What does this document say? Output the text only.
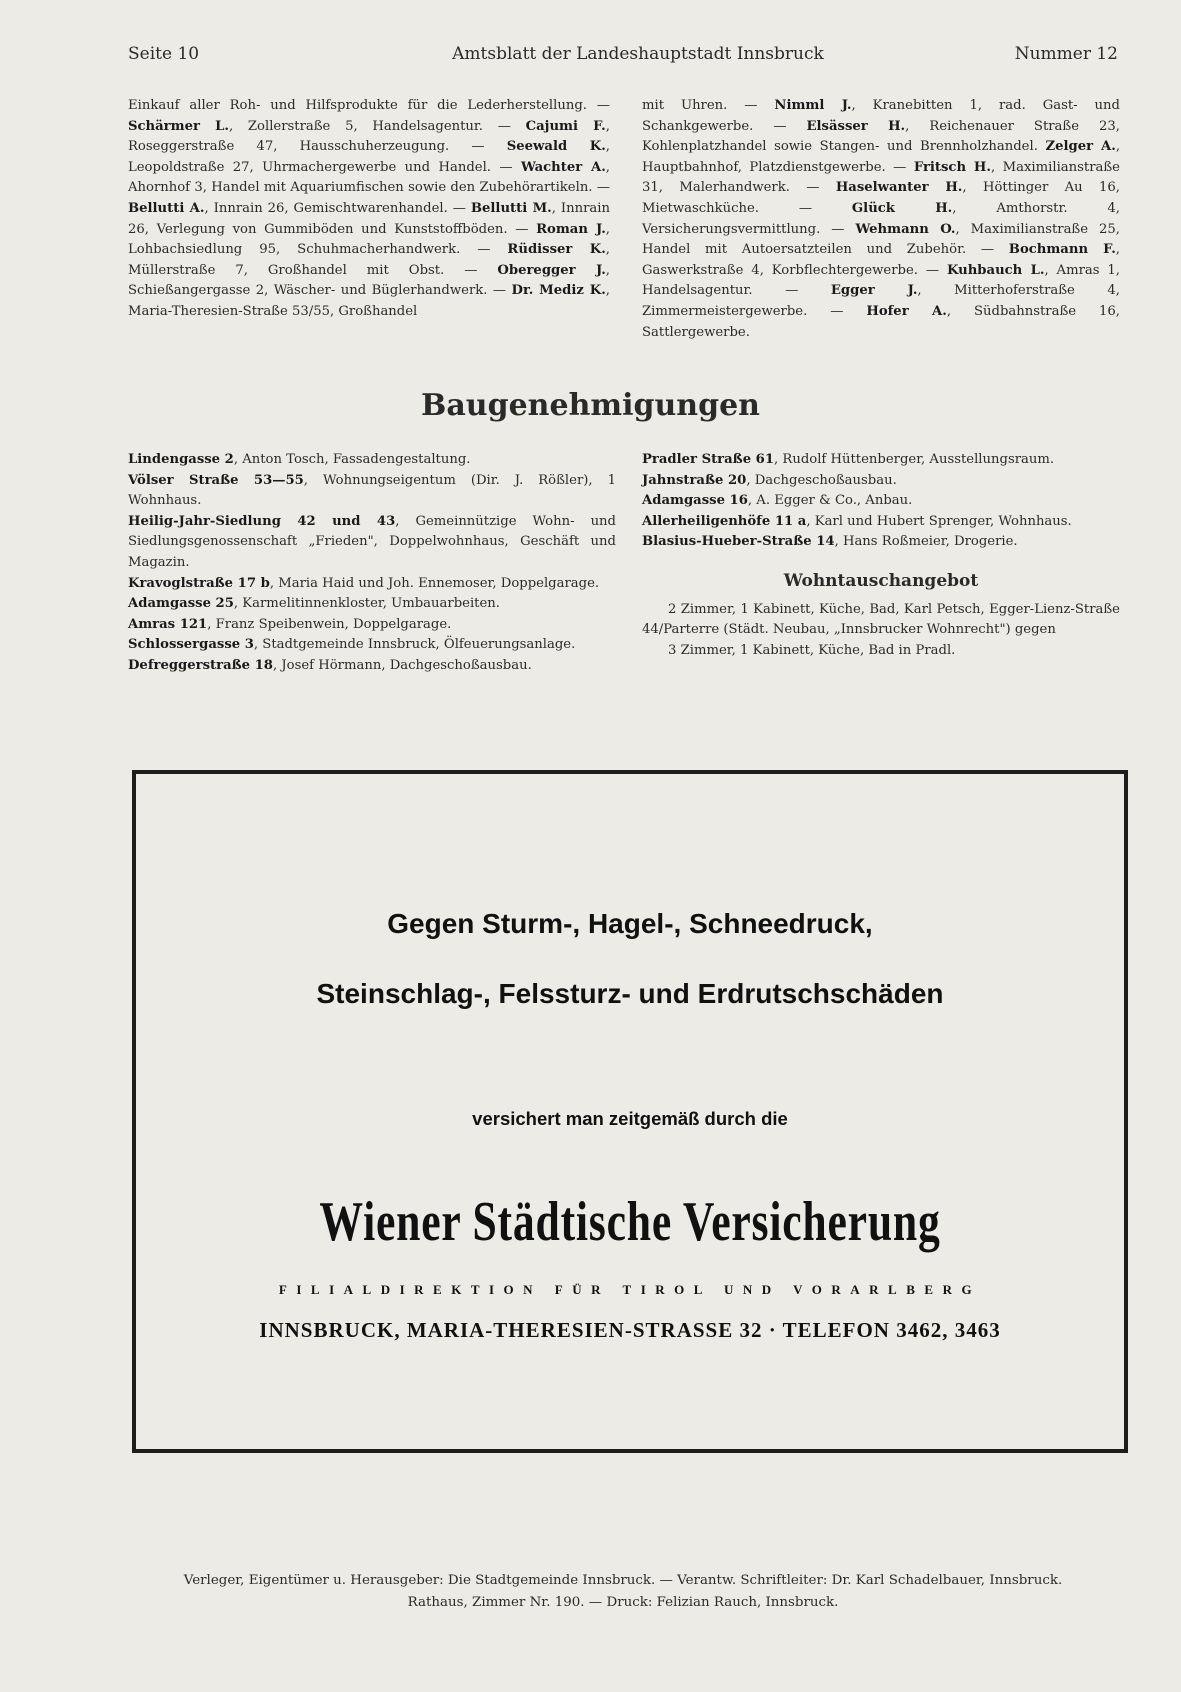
Seite 10	Amtsblatt der Landeshauptstadt Innsbruck	Nummer 12

Einkauf aller Roh- und Hilfsprodukte für die Lederherstellung. — Schärmer L., Zollerstraße 5, Handelsagentur. — Cajumi F., Roseggerstraße 47, Hausschuherzeugung. — Seewald K., Leopoldstraße 27, Uhrmachergewerbe und Handel. — Wachter A., Ahornhof 3, Handel mit Aquariumfischen sowie den Zubehörartikeln. — Bellutti A., Innrain 26, Gemischtwarenhandel. — Bellutti M., Innrain 26, Verlegung von Gummiböden und Kunststoffböden. — Roman J., Lohbachsiedlung 95, Schuhmacherhandwerk. — Rüdisser K., Müllerstraße 7, Großhandel mit Obst. — Oberegger J., Schießangergasse 2, Wäscher- und Büglerhandwerk. — Dr. Mediz K., Maria-Theresien-Straße 53/55, Großhandel

mit Uhren. — Nimml J., Kranebitten 1, rad. Gast- und Schankgewerbe. — Elsässer H., Reichenauer Straße 23, Kohlenplatzhandel sowie Stangen- und Brennholzhandel. Zelger A., Hauptbahnhof, Platzdienstgewerbe. — Fritsch H., Maximilianstraße 31, Malerhandwerk. — Haselwanter H., Höttinger Au 16, Mietwaschküche. — Glück H., Amthorstr. 4, Versicherungsvermittlung. — Wehmann O., Maximilianstraße 25, Handel mit Autoersatzteilen und Zubehör. — Bochmann F., Gaswerkstraße 4, Korbflechtergewerbe. — Kuhbauch L., Amras 1, Handelsagentur. — Egger J., Mitterhoferstraße 4, Zimmermeistergewerbe. — Hofer A., Südbahnstraße 16, Sattlergewerbe.

Baugenehmigungen

Lindengasse 2, Anton Tosch, Fassadengestaltung.

Völser Straße 53—55, Wohnungseigentum (Dir. J. Rößler), 1 Wohnhaus.

Heilig-Jahr-Siedlung 42 und 43, Gemeinnützige Wohn- und Siedlungsgenossenschaft „Frieden", Doppelwohnhaus, Geschäft und Magazin.

Kravoglstraße 17 b, Maria Haid und Joh. Ennemoser, Doppelgarage.

Adamgasse 25, Karmelitinnenkloster, Umbauarbeiten.

Amras 121, Franz Speibenwein, Doppelgarage.

Schlossergasse 3, Stadtgemeinde Innsbruck, Ölfeuerungsanlage.

Defreggerstraße 18, Josef Hörmann, Dachgeschoßausbau.

Pradler Straße 61, Rudolf Hüttenberger, Ausstellungsraum.

Jahnstraße 20, Dachgeschoßausbau.

Adamgasse 16, A. Egger & Co., Anbau.

Allerheiligenhöfe 11 a, Karl und Hubert Sprenger, Wohnhaus.

Blasius-Hueber-Straße 14, Hans Roßmeier, Drogerie.

Wohntauschangebot

2 Zimmer, 1 Kabinett, Küche, Bad, Karl Petsch, Egger-Lienz-Straße 44/Parterre (Städt. Neubau, „Innsbrucker Wohnrecht") gegen

3 Zimmer, 1 Kabinett, Küche, Bad in Pradl.

Gegen Sturm-, Hagel-, Schneedruck,
Steinschlag-, Felssturz- und Erdrutschschäden
versichert man zeitgemäß durch die
Wiener Städtische Versicherung
FILIALDIREKTION FÜR TIROL UND VORARLBERG
INNSBRUCK, MARIA-THERESIEN-STRASSE 32 · TELEFON 3462, 3463
Verleger, Eigentümer u. Herausgeber: Die Stadtgemeinde Innsbruck. — Verantw. Schriftleiter: Dr. Karl Schadelbauer, Innsbruck.
Rathaus, Zimmer Nr. 190. — Druck: Felizian Rauch, Innsbruck.
